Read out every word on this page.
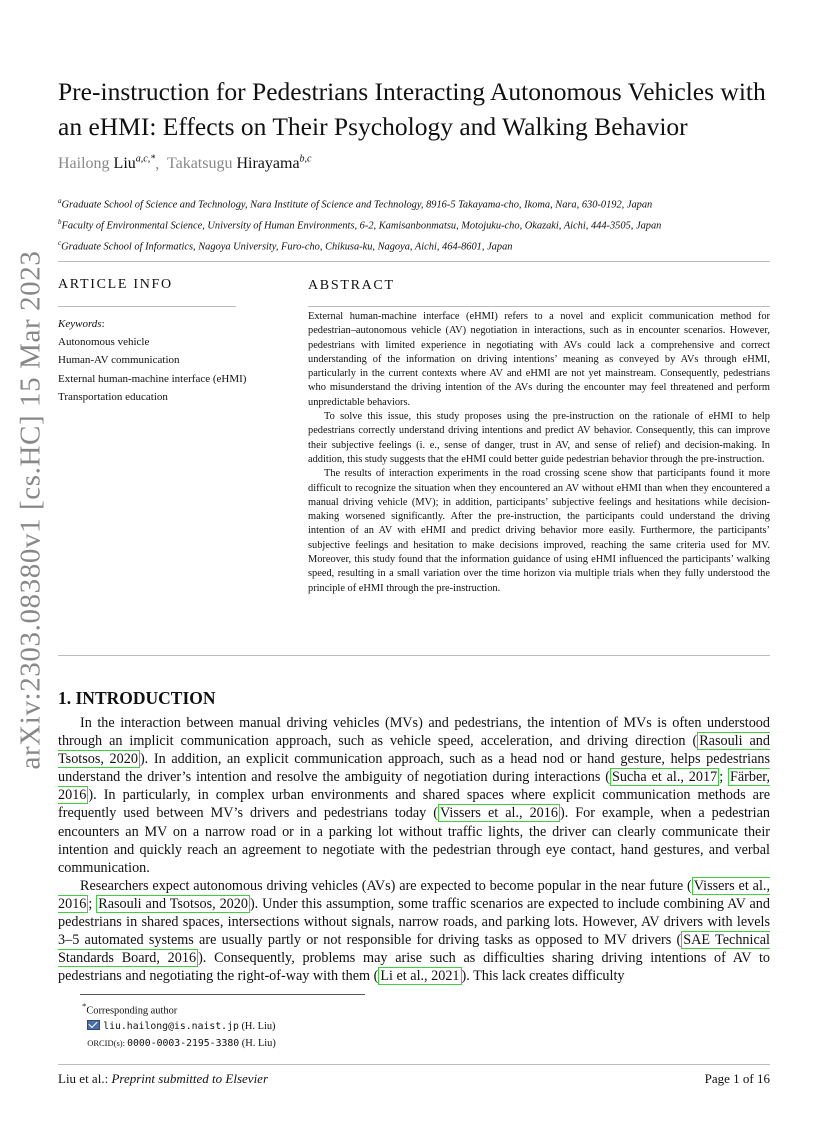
arXiv:2303.08380v1 [cs.HC] 15 Mar 2023
Pre-instruction for Pedestrians Interacting Autonomous Vehicles with an eHMI: Effects on Their Psychology and Walking Behavior
Hailong Liu$^{a,c,*}$,  Takatsugu Hirayama$^{b,c}$
$^a$Graduate School of Science and Technology, Nara Institute of Science and Technology, 8916-5 Takayama-cho, Ikoma, Nara, 630-0192, Japan
$^b$Faculty of Environmental Science, University of Human Environments, 6-2, Kamisanbonmatsu, Motojuku-cho, Okazaki, Aichi, 444-3505, Japan
$^c$Graduate School of Informatics, Nagoya University, Furo-cho, Chikusa-ku, Nagoya, Aichi, 464-8601, Japan
ARTICLE INFO
Keywords:
Autonomous vehicle
Human-AV communication
External human-machine interface (eHMI)
Transportation education
ABSTRACT

External human-machine interface (eHMI) refers to a novel and explicit communication method for pedestrian–autonomous vehicle (AV) negotiation in interactions, such as in encounter scenarios. However, pedestrians with limited experience in negotiating with AVs could lack a comprehensive and correct understanding of the information on driving intentions’ meaning as conveyed by AVs through eHMI, particularly in the current contexts where AV and eHMI are not yet mainstream. Consequently, pedestrians who misunderstand the driving intention of the AVs during the encounter may feel threatened and perform unpredictable behaviors.

To solve this issue, this study proposes using the pre-instruction on the rationale of eHMI to help pedestrians correctly understand driving intentions and predict AV behavior. Consequently, this can improve their subjective feelings (i. e., sense of danger, trust in AV, and sense of relief) and decision-making. In addition, this study suggests that the eHMI could better guide pedestrian behavior through the pre-instruction.

The results of interaction experiments in the road crossing scene show that participants found it more difficult to recognize the situation when they encountered an AV without eHMI than when they encountered a manual driving vehicle (MV); in addition, participants’ subjective feelings and hesitations while decision-making worsened significantly. After the pre-instruction, the participants could understand the driving intention of an AV with eHMI and predict driving behavior more easily. Furthermore, the participants’ subjective feelings and hesitation to make decisions improved, reaching the same criteria used for MV. Moreover, this study found that the information guidance of using eHMI influenced the participants’ walking speed, resulting in a small variation over the time horizon via multiple trials when they fully understood the principle of eHMI through the pre-instruction.

1. INTRODUCTION

In the interaction between manual driving vehicles (MVs) and pedestrians, the intention of MVs is often understood through an implicit communication approach, such as vehicle speed, acceleration, and driving direction ( Rasouli and Tsotsos, 2020 ). In addition, an explicit communication approach, such as a head nod or hand gesture, helps pedestrians understand the driver’s intention and resolve the ambiguity of negotiation during interactions ( Sucha et al., 2017 ; Färber, 2016 ). In particularly, in complex urban environments and shared spaces where explicit communication methods are frequently used between MV’s drivers and pedestrians today ( Vissers et al., 2016 ). For example, when a pedestrian encounters an MV on a narrow road or in a parking lot without traffic lights, the driver can clearly communicate their intention and quickly reach an agreement to negotiate with the pedestrian through eye contact, hand gestures, and verbal communication.

Researchers expect autonomous driving vehicles (AVs) are expected to become popular in the near future ( Vissers et al., 2016 ; Rasouli and Tsotsos, 2020 ). Under this assumption, some traffic scenarios are expected to include combining AV and pedestrians in shared spaces, intersections without signals, narrow roads, and parking lots. However, AV drivers with levels 3–5 automated systems are usually partly or not responsible for driving tasks as opposed to MV drivers ( SAE Technical Standards Board, 2016 ). Consequently, problems may arise such as difficulties sharing driving intentions of AV to pedestrians and negotiating the right-of-way with them ( Li et al., 2021 ). This lack creates difficulty

*Corresponding author
liu.hailong@is.naist.jp (H. Liu)
ORCID(s): 0000-0003-2195-3380 (H. Liu)
Liu et al.: Preprint submitted to Elsevier	Page 1 of 16
